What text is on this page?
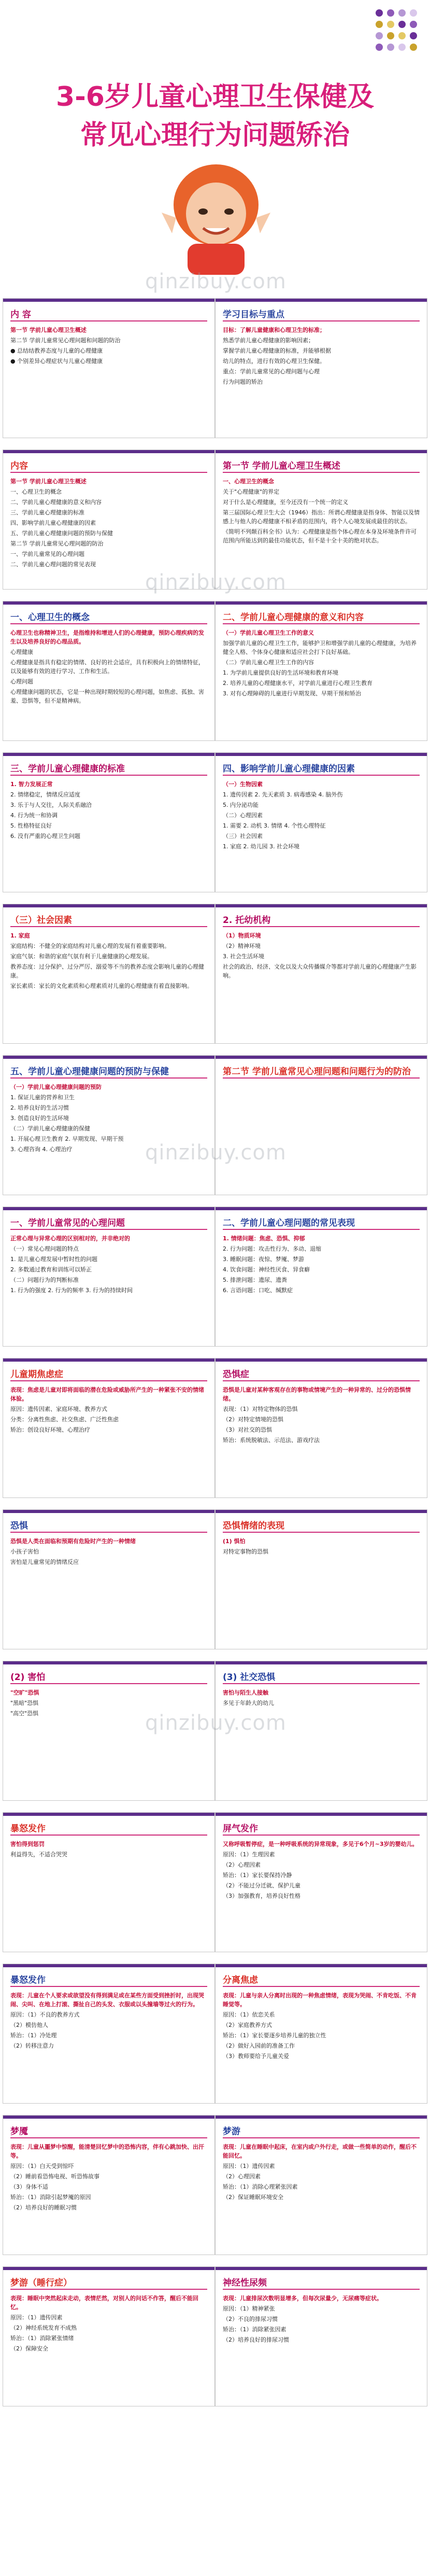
3-6岁儿童心理卫生保健及
常见心理行为问题矫治
qinzibuy.com
内 容

第一节 学前儿童心理卫生概述

第二节 学前儿童常见心理问题和问题的防治

● 总结结教养态度与儿童的心理健康

● 个别差异心理症状与儿童心理健康

学习目标与重点

目标：了解儿童健康和心理卫生的标准；

熟悉学前儿童心理健康的影响因素；

掌握学前儿童心理健康的标准，并能够根据

幼儿的特点，进行有效的心理卫生保健。

重点：学前儿童常见的心理问题与心理

行为问题的矫治

内容

第一节 学前儿童心理卫生概述

一、心理卫生的概念

二、学前儿童心理健康的意义和内容

三、学前儿童心理健康的标准

四、影响学前儿童心理健康的因素

五、学前儿童心理健康问题的预防与保健

第二节 学前儿童常见心理问题的防治

一、学前儿童常见的心理问题

二、学前儿童心理问题的常见表现

第一节 学前儿童心理卫生概述

一、心理卫生的概念

关于"心理健康"的界定

对于什么是心理健康，至今还没有一个统一的定义

第三届国际心理卫生大会（1946）指出：所谓心理健康是指身体、智能以及情感上与他人的心理健康不相矛盾的范围内，将个人心境发展成最佳的状态。

《简明不列颠百科全书》认为：心理健康是指个体心理在本身及环境条件许可范围内所能达到的最佳功能状态，但不是十全十美的绝对状态。

一、心理卫生的概念

心理卫生也称精神卫生，是指维持和增进人们的心理健康，预防心理疾病的发生以及培养良好的心理品质。

心理健康

心理健康是指具有稳定的情绪、良好的社会适应，具有积极向上的情绪特征，以及能够有效的进行学习、工作和生活。

心理问题

心理健康问题的状态，它是一种出现时期较短的心理问题，如焦虑、孤独、害羞、恐惧等，但不是精神病。

二、学前儿童心理健康的意义和内容

（一）学前儿童心理卫生工作的意义

加强学前儿童的心理卫生工作，能够护卫和增强学前儿童的心理健康，为培养健全人格、个体身心健康和适应社会打下良好基础。

（二）学前儿童心理卫生工作的内容

1. 为学前儿童提供良好的生活环境和教育环境

2. 培养儿童的心理健康水平，对学前儿童进行心理卫生教育

3. 对有心理障碍的儿童进行早期发现、早期干预和矫治

三、学前儿童心理健康的标准

1. 智力发展正常

2. 情绪稳定，情绪反应适度

3. 乐于与人交往，人际关系融洽

4. 行为统一和协调

5. 性格特征良好

6. 没有严重的心理卫生问题

四、影响学前儿童心理健康的因素

（一）生物因素

1. 遗传因素 2. 先天素质 3. 病毒感染 4. 脑外伤

5. 内分泌功能

（二）心理因素

1. 需要 2. 动机 3. 情绪 4. 个性心理特征

（三）社会因素

1. 家庭 2. 幼儿园 3. 社会环境

（三）社会因素

1. 家庭

家庭结构：不健全的家庭结构对儿童心理的发展有着重要影响。

家庭气氛：和谐的家庭气氛有利于儿童健康的心理发展。

教养态度：过分保护、过分严厉、溺爱等不当的教养态度会影响儿童的心理健康。

家长素质：家长的文化素质和心理素质对儿童的心理健康有着直接影响。

2. 托幼机构

（1）物质环境

（2）精神环境

3. 社会生活环境

社会的政治、经济、文化以及大众传播媒介等都对学前儿童的心理健康产生影响。

五、学前儿童心理健康问题的预防与保健

（一）学前儿童心理健康问题的预防

1. 保证儿童的营养和卫生

2. 培养良好的生活习惯

3. 创造良好的生活环境

（二）学前儿童心理健康的保健

1. 开展心理卫生教育 2. 早期发现、早期干预

3. 心理咨询 4. 心理治疗

第二节 学前儿童常见心理问题和问题行为的防治
一、学前儿童常见的心理问题

正常心理与异常心理的区别相对的，并非绝对的

（一）常见心理问题的特点

1. 是儿童心理发展中暂时性的问题

2. 多数通过教育和训练可以矫正

（二）问题行为的判断标准

1. 行为的强度 2. 行为的频率 3. 行为的持续时间

二、学前儿童心理问题的常见表现

1. 情绪问题：焦虑、恐惧、抑郁

2. 行为问题：攻击性行为、多动、退缩

3. 睡眠问题：夜惊、梦魇、梦游

4. 饮食问题：神经性厌食、异食癖

5. 排泄问题：遗尿、遗粪

6. 言语问题：口吃、缄默症

儿童期焦虑症

表现：焦虑是儿童对即将面临的潜在危险或威胁所产生的一种紧张不安的情绪体验。

原因：遗传因素、家庭环境、教养方式

分类：分离性焦虑、社交焦虑、广泛性焦虑

矫治：创设良好环境、心理治疗

恐惧症

恐惧是儿童对某种客观存在的事物或情境产生的一种异常的、过分的恐惧情绪。

表现：（1）对特定物体的恐惧

（2）对特定情境的恐惧

（3）对社交的恐惧

矫治：系统脱敏法、示范法、游戏疗法

恐惧

恐惧是人类在面临和预期有危险时产生的一种情绪

小孩子害怕

害怕是儿童常见的情绪反应

恐惧情绪的表现

(1) 惧怕

对特定事物的恐惧

(2) 害怕

"空旷"恐惧

"黑暗"恐惧

"高空"恐惧

(3) 社交恐惧

害怕与陌生人接触

多见于年龄大的幼儿

暴怒发作

害怕得到惩罚

利益得失，不适合哭哭

屏气发作

又称呼吸暂停症，是一种呼吸系统的异常现象，多见于6个月~3岁的婴幼儿。

原因：（1）生理因素

（2）心理因素

矫治：（1）家长要保持冷静

（2）不能过分迁就、保护儿童

（3）加强教育，培养良好性格

暴怒发作

表现：儿童在个人要求或欲望没有得到满足或在某些方面受到挫折时，出现哭闹、尖叫、在地上打滚、撕扯自己的头发、衣服或以头撞墙等过火的行为。

原因：（1）不良的教养方式

（2）模仿他人

矫治：（1）冷处理

（2）转移注意力

分离焦虑

表现：儿童与亲人分离时出现的一种焦虑情绪，表现为哭闹、不肯吃饭、不肯睡觉等。

原因：（1）依恋关系

（2）家庭教养方式

矫治：（1）家长要逐步培养儿童的独立性

（2）做好入园前的准备工作

（3）教师要给予儿童关爱

梦魇

表现：儿童从噩梦中惊醒，能清楚回忆梦中的恐怖内容，伴有心跳加快、出汗等。

原因：（1）白天受到惊吓

（2）睡前看恐怖电视、听恐怖故事

（3）身体不适

矫治：（1）消除引起梦魇的原因

（2）培养良好的睡眠习惯

梦游

表现：儿童在睡眠中起床，在室内或户外行走，或做一些简单的动作，醒后不能回忆。

原因：（1）遗传因素

（2）心理因素

矫治：（1）消除心理紧张因素

（2）保证睡眠环境安全

梦游（睡行症）

表现：睡眠中突然起床走动，表情茫然，对别人的问话不作答，醒后不能回忆。

原因：（1）遗传因素

（2）神经系统发育不成熟

矫治：（1）消除紧张情绪

（2）保障安全

神经性尿频

表现：儿童排尿次数明显增多，但每次尿量少，无尿痛等症状。

原因：（1）精神紧张

（2）不良的排尿习惯

矫治：（1）消除紧张因素

（2）培养良好的排尿习惯

qinzibuy.com
qinzibuy.com
qinzibuy.com
